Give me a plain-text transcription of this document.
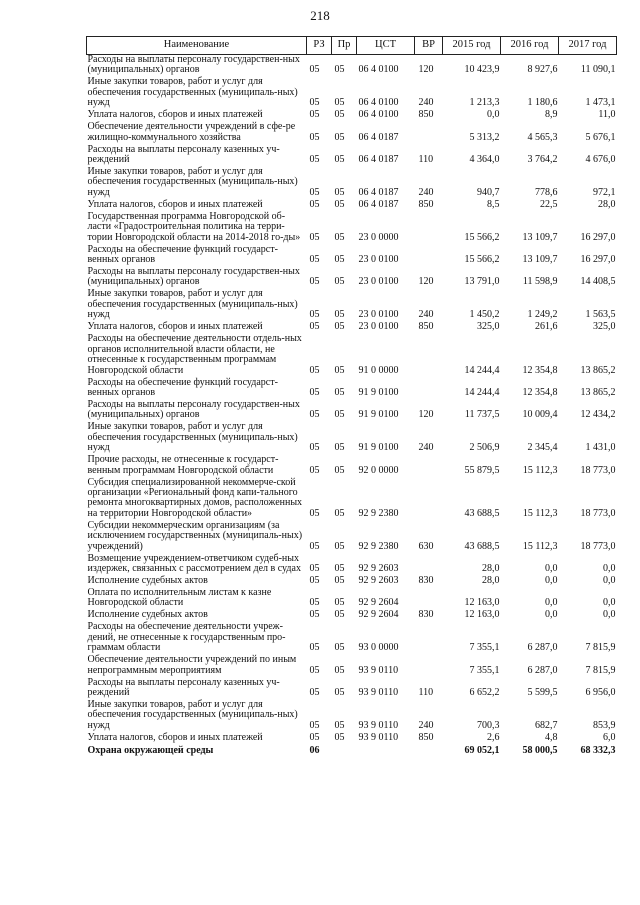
218
Наименование	РЗ	Пр	ЦСТ	ВР	2015 год	2016 год	2017 год
Расходы на выплаты персоналу государствен-ных (муниципальных) органов	05	05	06 4 0100	120	10 423,9	8 927,6	11 090,1
Иные закупки товаров, работ и услуг для обеспечения государственных (муниципаль-ных) нужд	05	05	06 4 0100	240	1 213,3	1 180,6	1 473,1
Уплата налогов, сборов и иных платежей	05	05	06 4 0100	850	0,0	8,9	11,0
Обеспечение деятельности учреждений в сфе-ре жилищно-коммунального хозяйства	05	05	06 4 0187		5 313,2	4 565,3	5 676,1
Расходы на выплаты персоналу казенных уч-реждений	05	05	06 4 0187	110	4 364,0	3 764,2	4 676,0
Иные закупки товаров, работ и услуг для обеспечения государственных (муниципаль-ных) нужд	05	05	06 4 0187	240	940,7	778,6	972,1
Уплата налогов, сборов и иных платежей	05	05	06 4 0187	850	8,5	22,5	28,0
Государственная программа Новгородской об-ласти «Градостроительная политика на терри-тории Новгородской области на 2014-2018 го-ды»	05	05	23 0 0000		15 566,2	13 109,7	16 297,0
Расходы на обеспечение функций государст-венных органов	05	05	23 0 0100		15 566,2	13 109,7	16 297,0
Расходы на выплаты персоналу государствен-ных (муниципальных) органов	05	05	23 0 0100	120	13 791,0	11 598,9	14 408,5
Иные закупки товаров, работ и услуг для обеспечения государственных (муниципаль-ных) нужд	05	05	23 0 0100	240	1 450,2	1 249,2	1 563,5
Уплата налогов, сборов и иных платежей	05	05	23 0 0100	850	325,0	261,6	325,0
Расходы на обеспечение деятельности отдель-ных органов исполнительной власти области, не отнесенные к государственным программам Новгородской области	05	05	91 0 0000		14 244,4	12 354,8	13 865,2
Расходы на обеспечение функций государст-венных органов	05	05	91 9 0100		14 244,4	12 354,8	13 865,2
Расходы на выплаты персоналу государствен-ных (муниципальных) органов	05	05	91 9 0100	120	11 737,5	10 009,4	12 434,2
Иные закупки товаров, работ и услуг для обеспечения государственных (муниципаль-ных) нужд	05	05	91 9 0100	240	2 506,9	2 345,4	1 431,0
Прочие расходы, не отнесенные к государст-венным программам Новгородской области	05	05	92 0 0000		55 879,5	15 112,3	18 773,0
Субсидия специализированной некоммерче-ской организации «Региональный фонд капи-тального ремонта многоквартирных домов, расположенных на территории Новгородской области»	05	05	92 9 2380		43 688,5	15 112,3	18 773,0
Субсидии некоммерческим организациям (за исключением государственных (муниципаль-ных) учреждений)	05	05	92 9 2380	630	43 688,5	15 112,3	18 773,0
Возмещение учреждением-ответчиком судеб-ных издержек, связанных с рассмотрением дел в судах	05	05	92 9 2603		28,0	0,0	0,0
Исполнение судебных актов	05	05	92 9 2603	830	28,0	0,0	0,0
Оплата по исполнительным листам к казне Новгородской области	05	05	92 9 2604		12 163,0	0,0	0,0
Исполнение судебных актов	05	05	92 9 2604	830	12 163,0	0,0	0,0
Расходы на обеспечение деятельности учреж-дений, не отнесенные к государственным про-граммам области	05	05	93 0 0000		7 355,1	6 287,0	7 815,9
Обеспечение деятельности учреждений по иным непрограммным мероприятиям	05	05	93 9 0110		7 355,1	6 287,0	7 815,9
Расходы на выплаты персоналу казенных уч-реждений	05	05	93 9 0110	110	6 652,2	5 599,5	6 956,0
Иные закупки товаров, работ и услуг для обеспечения государственных (муниципаль-ных) нужд	05	05	93 9 0110	240	700,3	682,7	853,9
Уплата налогов, сборов и иных платежей	05	05	93 9 0110	850	2,6	4,8	6,0
Охрана окружающей среды	06				69 052,1	58 000,5	68 332,3
